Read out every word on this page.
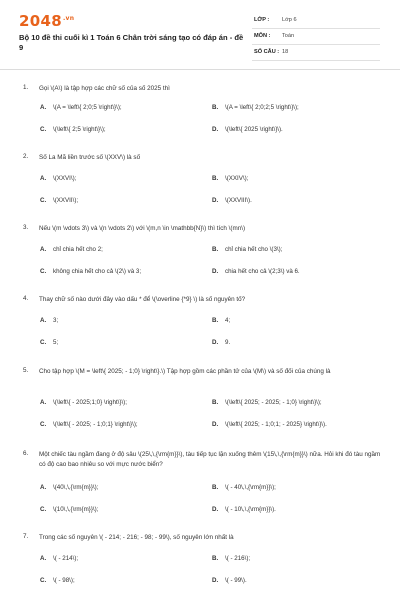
$2048^{.vn}$
Bộ 10 đề thi cuối kì 1 Toán 6 Chân trời sáng tạo có đáp án - đề 9
LỚP : Lớp 6
MÔN : Toán
SỐ CÂU : 18
1. Gọi \(A\) là tập hợp các chữ số của số 2025 thì
A. \(A = \left\{ 2;0;5 \right\}\);	B. \(A = \left\{ 2;0;2;5 \right\}\);
C. \(\left\{ 2;5 \right\}\);	D. \(\left\{ 2025 \right\}\).
2. Số La Mã liền trước số \(XXV\) là số
A. \(XXVI\);	B. \(XXIV\);
C. \(XXVII\);	D. \(XXVIII\).
3. Nếu \(m \vdots 3\) và \(n \vdots 2\) với \(m,n \in \mathbb{N}\) thì tích \(mn\)
A. chỉ chia hết cho 2;	B. chỉ chia hết cho \(3\);
C. không chia hết cho cả \(2\) và 3;	D. chia hết cho cả \(2;3\) và 6.
4. Thay chữ số nào dưới đây vào dấu * để \(\overline {*9} \) là số nguyên tố?
A. 3;	B. 4;
C. 5;	D. 9.
5. Cho tập hợp \(M = \left\{ 2025; - 1;0} \right\}.\) Tập hợp gồm các phần tử của \(M\) và số đối của chúng là
A. \(\left\{ - 2025;1;0} \right\}\);	B. \(\left\{ 2025; - 2025; - 1;0} \right\}\);
C. \(\left\{ - 2025; - 1;0;1} \right\}\);	D. \(\left\{ 2025; - 1;0;1; - 2025} \right\}\).
6. Một chiếc tàu ngầm đang ở độ sâu \(25\,\,{\rm{m}}\), tàu tiếp tục lặn xuống thêm \(15\,\,{\rm{m}}\) nữa. Hỏi khi đó tàu ngầm có độ cao bao nhiêu so với mực nước biển?
A. \(40\,\,{\rm{m}}\);	B. \( - 40\,\,{\rm{m}}\);
C. \(10\,\,{\rm{m}}\);	D. \( - 10\,\,{\rm{m}}\).
7. Trong các số nguyên \( - 214; - 216; - 98; - 99\), số nguyên lớn nhất là
A. \( - 214\);	B. \( - 216\);
C. \( - 98\);	D. \( - 99\).
